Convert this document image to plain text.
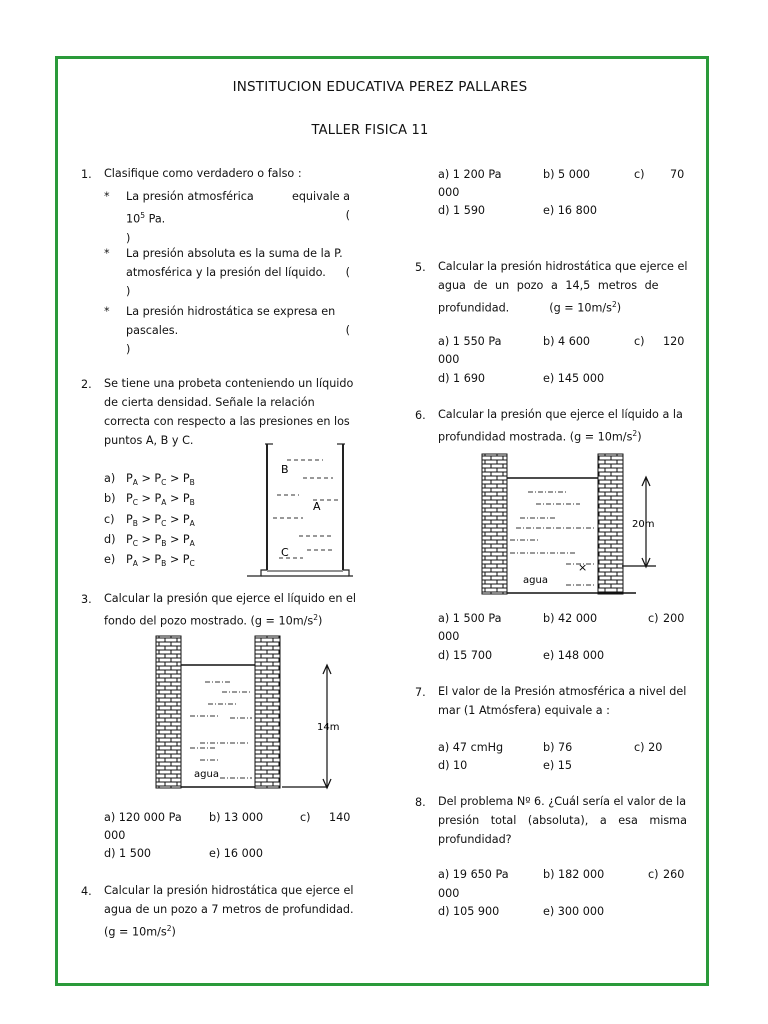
INSTITUCION EDUCATIVA PEREZ PALLARES
TALLER FISICA 11
1. Clasifique como verdadero o falso :
* La presión atmosférica	equivale a
$10^5$ Pa.	(
)
* La presión absoluta es la suma de la P.
atmosférica y la presión del líquido. (
)
* La presión hidrostática se expresa en
pascales.	(
)
2. Se tiene una probeta conteniendo un líquido
de cierta densidad. Señale la relación
correcta con respecto a las presiones en los
puntos A, B y C.
a) $P_A > P_C > P_B$
b) $P_C > P_A > P_B$
c) $P_B > P_C > P_A$
d) $P_C > P_B > P_A$
e) $P_A > P_B > P_C$
B
A
C
3. Calcular la presión que ejerce el líquido en el
fondo del pozo mostrado. $(g = 10m/s^2)$
14m
agua
a) 120 000 Pa b) 13 000	c) 140
000
d) 1 500	e) 16 000
4. Calcular la presión hidrostática que ejerce el
agua de un pozo a 7 metros de profundidad.
$(g = 10m/s^2)$
a) 1 200 Pa	b) 5 000	c) 70
000
d) 1 590	e) 16 800
5. Calcular la presión hidrostática que ejerce el
agua de un pozo a 14,5 metros de
profundidad.	$(g = 10m/s^2)$
a) 1 550 Pa	b) 4 600	c) 120
000
d) 1 690	e) 145 000
6. Calcular la presión que ejerce el líquido a la
profundidad mostrada. $(g = 10m/s^2)$
20m
agua
×
a) 1 500 Pa	b) 42 000	c) 200
000
d) 15 700	e) 148 000
7. El valor de la Presión atmosférica a nivel del
mar (1 Atmósfera) equivale a :
a) 47 cmHg	b) 76	c) 20
d) 10	e) 15
8. Del problema Nº 6. ¿Cuál sería el valor de la
presión total (absoluta), a esa misma
profundidad?
a) 19 650 Pa	b) 182 000	c) 260
000
d) 105 900	e) 300 000
